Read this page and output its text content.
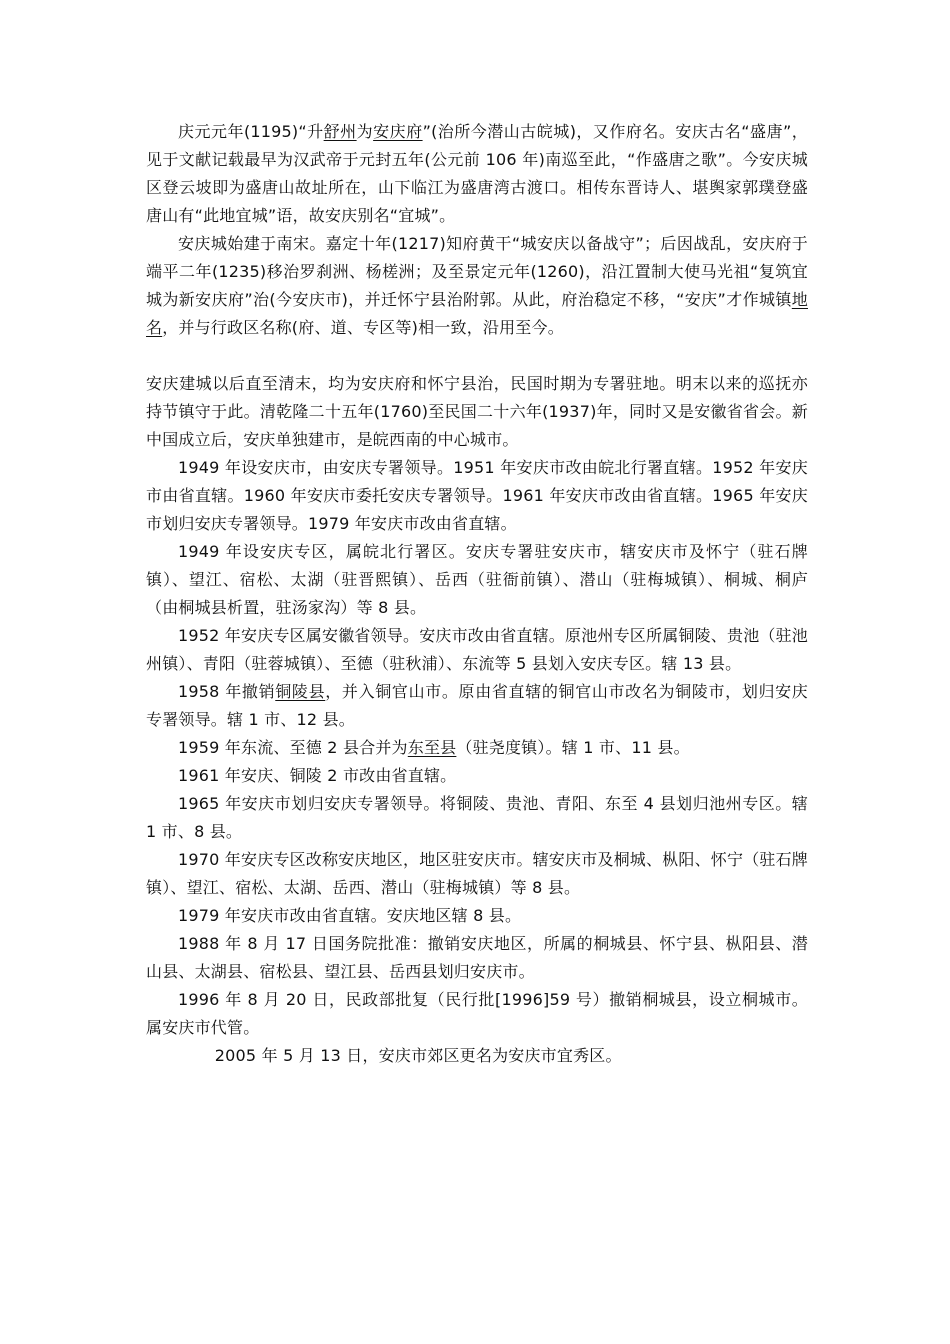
庆元元年(1195)“升舒州为安庆府”(治所今潜山古皖城)，又作府名。安庆古名“盛唐”，见于文献记载最早为汉武帝于元封五年(公元前 106 年)南巡至此，“作盛唐之歌”。今安庆城区登云坡即为盛唐山故址所在，山下临江为盛唐湾古渡口。相传东晋诗人、堪舆家郭璞登盛唐山有“此地宜城”语，故安庆别名“宜城”。

安庆城始建于南宋。嘉定十年(1217)知府黄干“城安庆以备战守”；后因战乱，安庆府于端平二年(1235)移治罗刹洲、杨槎洲；及至景定元年(1260)，沿江置制大使马光祖“复筑宜城为新安庆府”治(今安庆市)，并迁怀宁县治附郭。从此，府治稳定不移，“安庆”才作城镇地名，并与行政区名称(府、道、专区等)相一致，沿用至今。

安庆建城以后直至清末，均为安庆府和怀宁县治，民国时期为专署驻地。明末以来的巡抚亦持节镇守于此。清乾隆二十五年(1760)至民国二十六年(1937)年，同时又是安徽省省会。新中国成立后，安庆单独建市，是皖西南的中心城市。

1949 年设安庆市，由安庆专署领导。1951 年安庆市改由皖北行署直辖。1952 年安庆市由省直辖。1960 年安庆市委托安庆专署领导。1961 年安庆市改由省直辖。1965 年安庆市划归安庆专署领导。1979 年安庆市改由省直辖。

1949 年设安庆专区，属皖北行署区。安庆专署驻安庆市，辖安庆市及怀宁（驻石牌镇）、望江、宿松、太湖（驻晋熙镇）、岳西（驻衙前镇）、潜山（驻梅城镇）、桐城、桐庐（由桐城县析置，驻汤家沟）等 8 县。

1952 年安庆专区属安徽省领导。安庆市改由省直辖。原池州专区所属铜陵、贵池（驻池州镇）、青阳（驻蓉城镇）、至德（驻秋浦）、东流等 5 县划入安庆专区。辖 13 县。

1958 年撤销铜陵县，并入铜官山市。原由省直辖的铜官山市改名为铜陵市，划归安庆专署领导。辖 1 市、12 县。

1959 年东流、至德 2 县合并为东至县（驻尧度镇）。辖 1 市、11 县。

1961 年安庆、铜陵 2 市改由省直辖。

1965 年安庆市划归安庆专署领导。将铜陵、贵池、青阳、东至 4 县划归池州专区。辖 1 市、8 县。

1970 年安庆专区改称安庆地区，地区驻安庆市。辖安庆市及桐城、枞阳、怀宁（驻石牌镇）、望江、宿松、太湖、岳西、潜山（驻梅城镇）等 8 县。

1979 年安庆市改由省直辖。安庆地区辖 8 县。

1988 年 8 月 17 日国务院批准：撤销安庆地区，所属的桐城县、怀宁县、枞阳县、潜山县、太湖县、宿松县、望江县、岳西县划归安庆市。

1996 年 8 月 20 日，民政部批复（民行批[1996]59 号）撤销桐城县，设立桐城市。属安庆市代管。

2005 年 5 月 13 日，安庆市郊区更名为安庆市宜秀区。
